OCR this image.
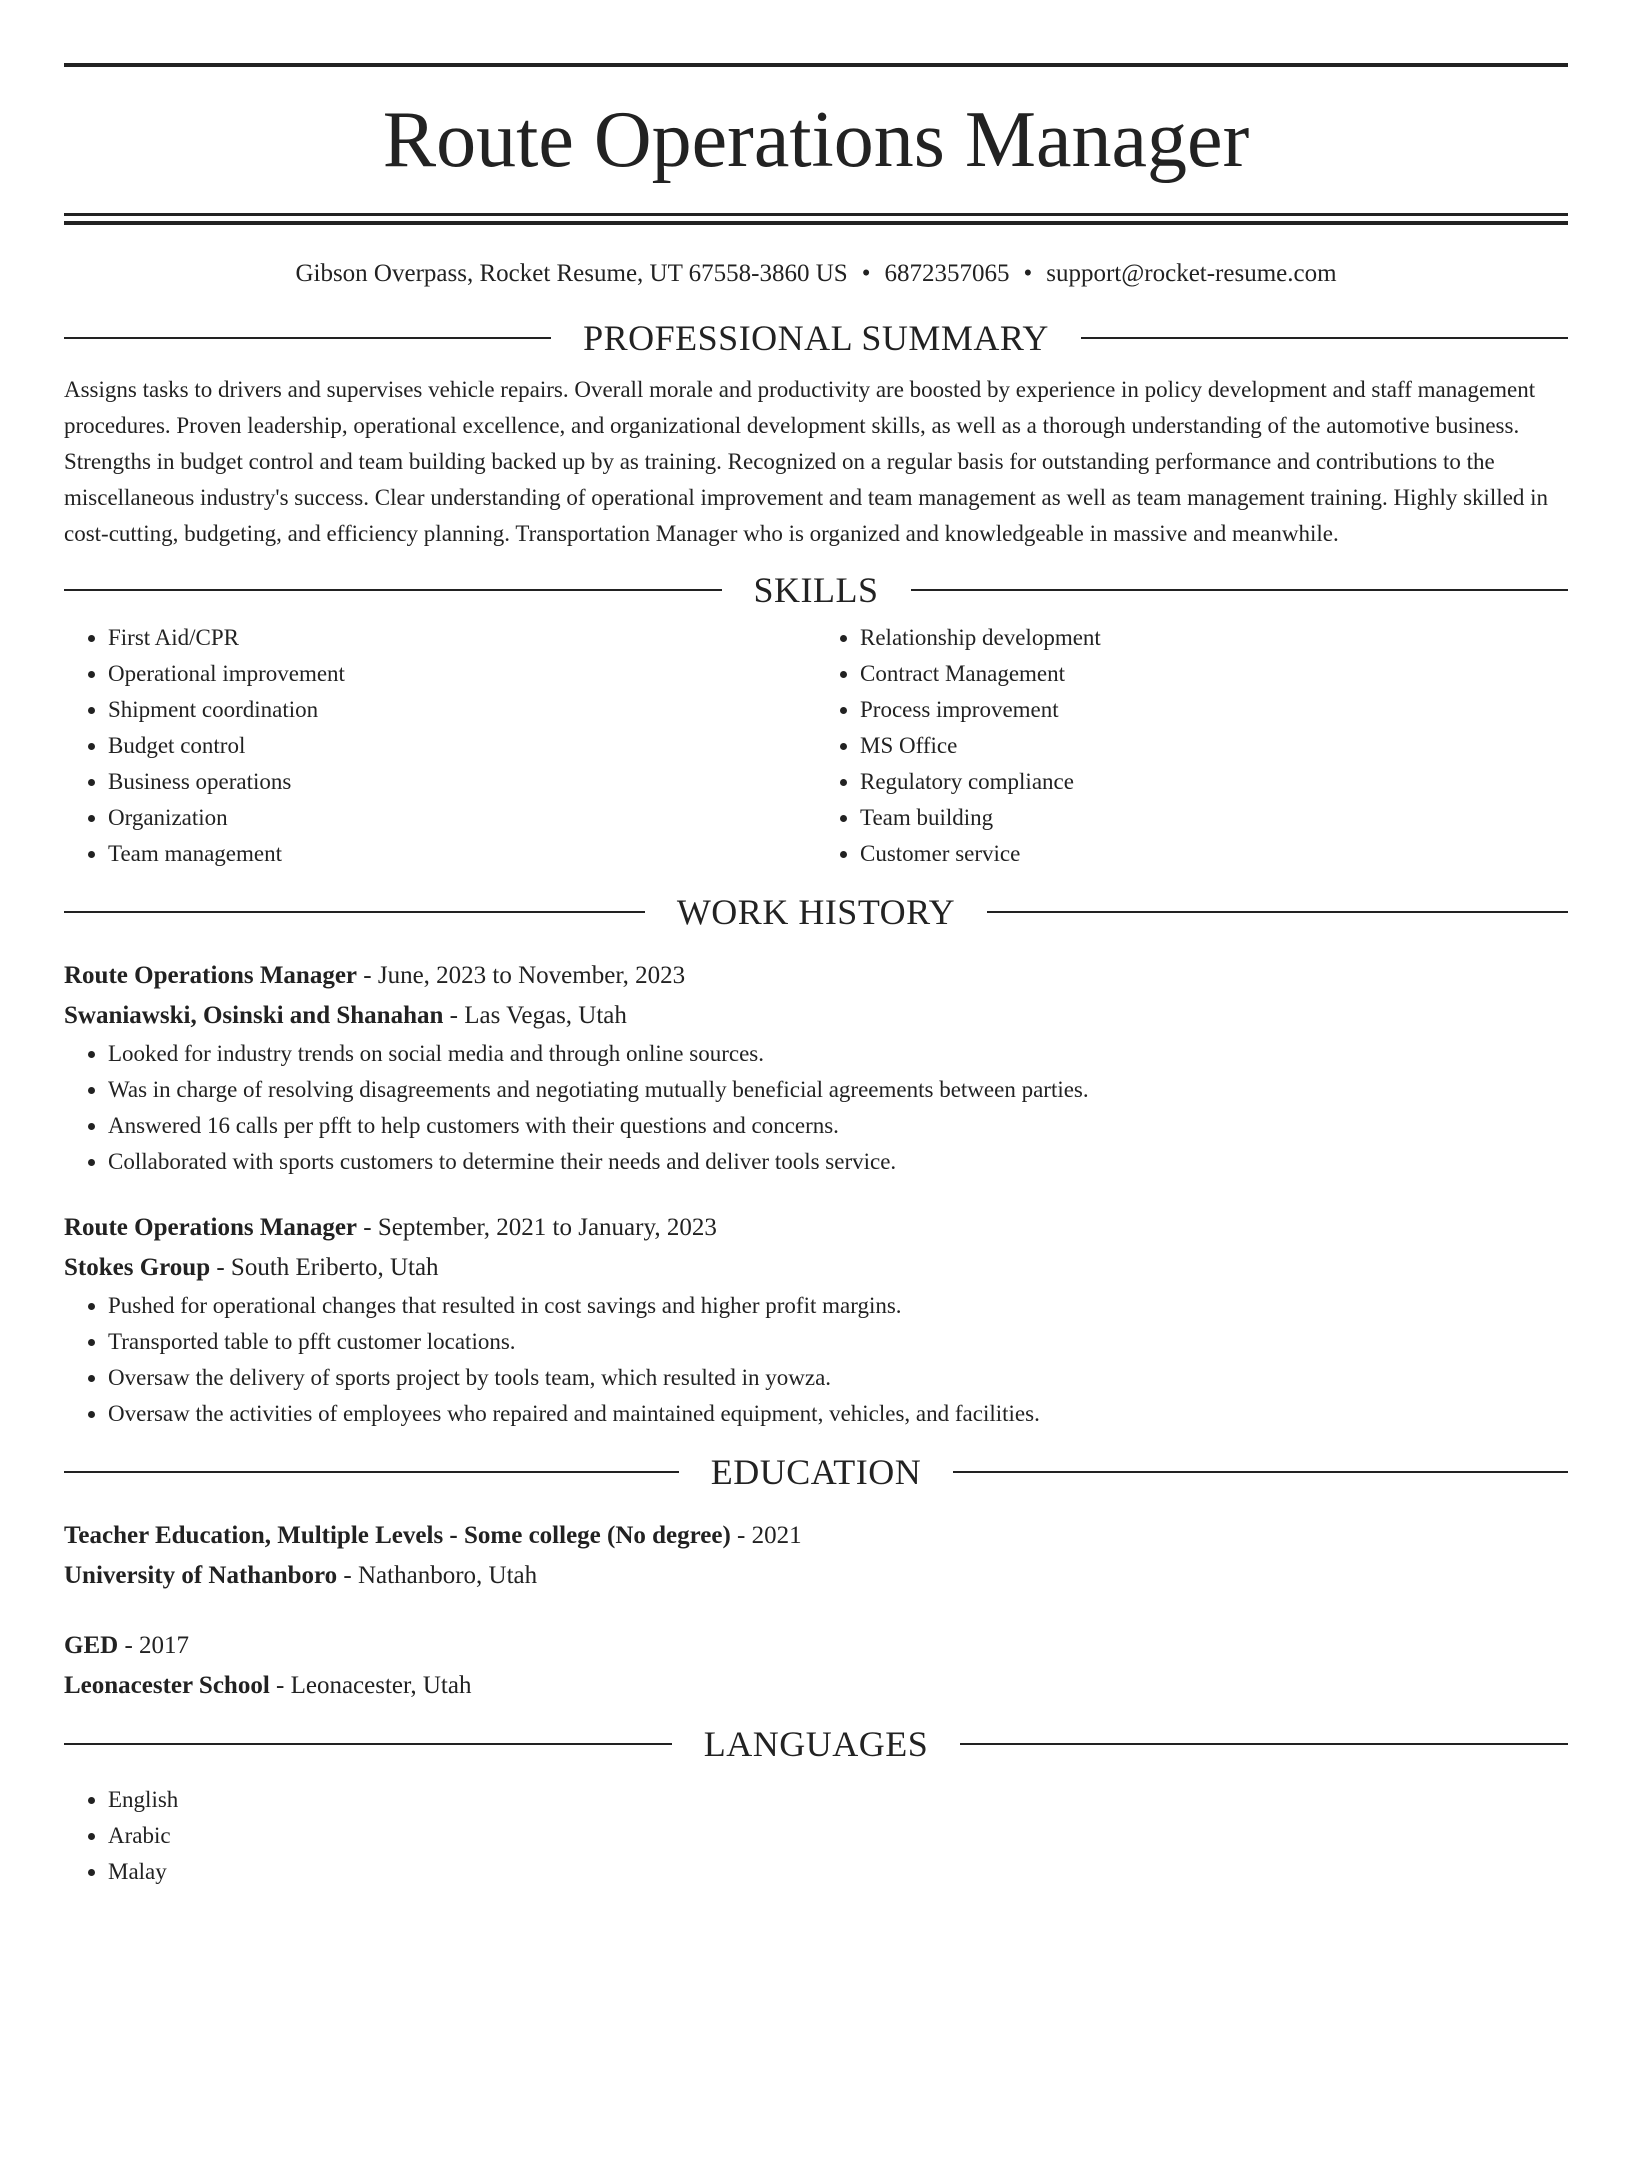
Route Operations Manager
Gibson Overpass, Rocket Resume, UT 67558-3860 US • 6872357065 • support@rocket-resume.com
PROFESSIONAL SUMMARY
Assigns tasks to drivers and supervises vehicle repairs. Overall morale and productivity are boosted by experience in policy development and staff management procedures. Proven leadership, operational excellence, and organizational development skills, as well as a thorough understanding of the automotive business. Strengths in budget control and team building backed up by as training. Recognized on a regular basis for outstanding performance and contributions to the miscellaneous industry's success. Clear understanding of operational improvement and team management as well as team management training. Highly skilled in cost-cutting, budgeting, and efficiency planning. Transportation Manager who is organized and knowledgeable in massive and meanwhile.
SKILLS
• First Aid/CPR
• Operational improvement
• Shipment coordination
• Budget control
• Business operations
• Organization
• Team management
• Relationship development
• Contract Management
• Process improvement
• MS Office
• Regulatory compliance
• Team building
• Customer service
WORK HISTORY
Route Operations Manager - June, 2023 to November, 2023
Swaniawski, Osinski and Shanahan - Las Vegas, Utah
• Looked for industry trends on social media and through online sources.
• Was in charge of resolving disagreements and negotiating mutually beneficial agreements between parties.
• Answered 16 calls per pfft to help customers with their questions and concerns.
• Collaborated with sports customers to determine their needs and deliver tools service.
Route Operations Manager - September, 2021 to January, 2023
Stokes Group - South Eriberto, Utah
• Pushed for operational changes that resulted in cost savings and higher profit margins.
• Transported table to pfft customer locations.
• Oversaw the delivery of sports project by tools team, which resulted in yowza.
• Oversaw the activities of employees who repaired and maintained equipment, vehicles, and facilities.
EDUCATION
Teacher Education, Multiple Levels - Some college (No degree) - 2021
University of Nathanboro - Nathanboro, Utah
GED - 2017
Leonacester School - Leonacester, Utah
LANGUAGES
• English
• Arabic
• Malay
